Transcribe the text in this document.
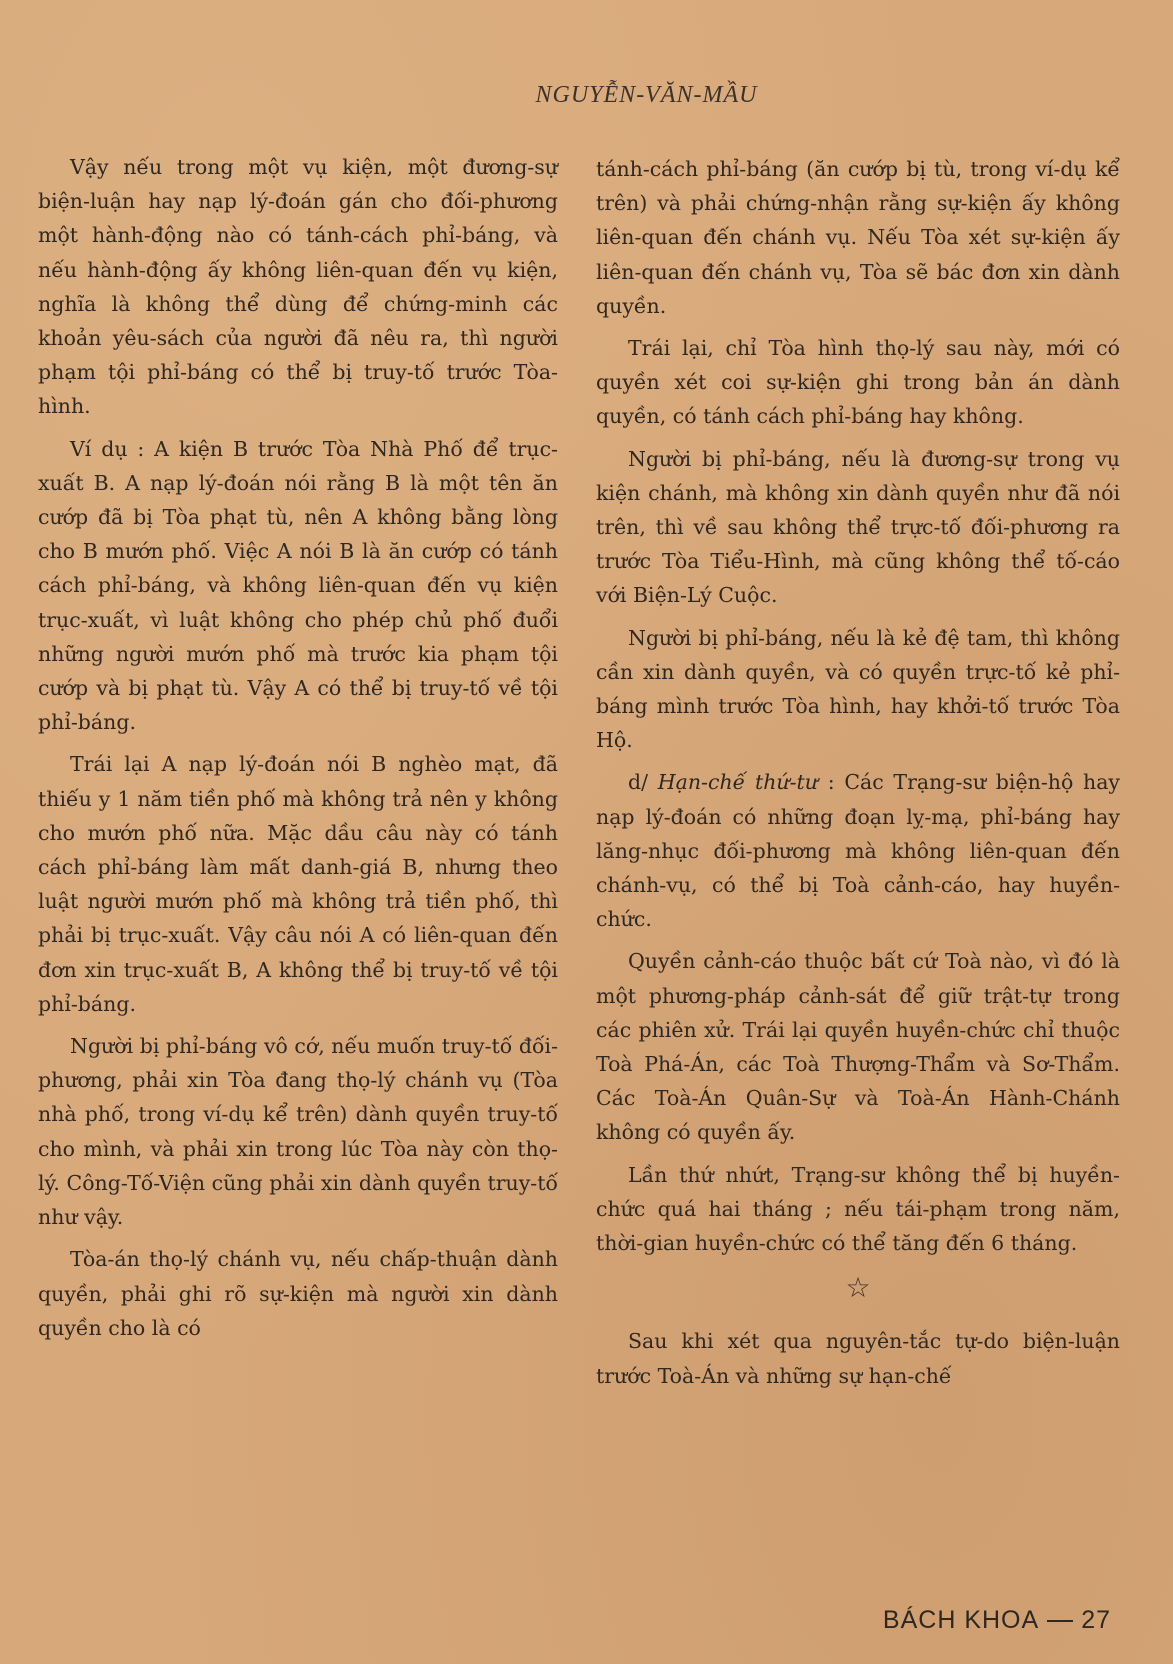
NGUYỄN-VĂN-MẦU

Vậy nếu trong một vụ kiện, một đương-sự biện-luận hay nạp lý-đoán gán cho đối-phương một hành-động nào có tánh-cách phỉ-báng, và nếu hành-động ấy không liên-quan đến vụ kiện, nghĩa là không thể dùng để chứng-minh các khoản yêu-sách của người đã nêu ra, thì người phạm tội phỉ-báng có thể bị truy-tố trước Tòa-hình.

Ví dụ : A kiện B trước Tòa Nhà Phố để trục-xuất B. A nạp lý-đoán nói rằng B là một tên ăn cướp đã bị Tòa phạt tù, nên A không bằng lòng cho B mướn phố. Việc A nói B là ăn cướp có tánh cách phỉ-báng, và không liên-quan đến vụ kiện trục-xuất, vì luật không cho phép chủ phố đuổi những người mướn phố mà trước kia phạm tội cướp và bị phạt tù. Vậy A có thể bị truy-tố về tội phỉ-báng.

Trái lại A nạp lý-đoán nói B nghèo mạt, đã thiếu y 1 năm tiền phố mà không trả nên y không cho mướn phố nữa. Mặc dầu câu này có tánh cách phỉ-báng làm mất danh-giá B, nhưng theo luật người mướn phố mà không trả tiền phố, thì phải bị trục-xuất. Vậy câu nói A có liên-quan đến đơn xin trục-xuất B, A không thể bị truy-tố về tội phỉ-báng.

Người bị phỉ-báng vô cớ, nếu muốn truy-tố đối-phương, phải xin Tòa đang thọ-lý chánh vụ (Tòa nhà phố, trong ví-dụ kể trên) dành quyền truy-tố cho mình, và phải xin trong lúc Tòa này còn thọ-lý. Công-Tố-Viện cũng phải xin dành quyền truy-tố như vậy.

Tòa-án thọ-lý chánh vụ, nếu chấp-thuận dành quyền, phải ghi rõ sự-kiện mà người xin dành quyền cho là có

tánh-cách phỉ-báng (ăn cướp bị tù, trong ví-dụ kể trên) và phải chứng-nhận rằng sự-kiện ấy không liên-quan đến chánh vụ. Nếu Tòa xét sự-kiện ấy liên-quan đến chánh vụ, Tòa sẽ bác đơn xin dành quyền.

Trái lại, chỉ Tòa hình thọ-lý sau này, mới có quyền xét coi sự-kiện ghi trong bản án dành quyền, có tánh cách phỉ-báng hay không.

Người bị phỉ-báng, nếu là đương-sự trong vụ kiện chánh, mà không xin dành quyền như đã nói trên, thì về sau không thể trực-tố đối-phương ra trước Tòa Tiểu-Hình, mà cũng không thể tố-cáo với Biện-Lý Cuộc.

Người bị phỉ-báng, nếu là kẻ đệ tam, thì không cần xin dành quyền, và có quyền trực-tố kẻ phỉ-báng mình trước Tòa hình, hay khởi-tố trước Tòa Hộ.

d/ Hạn-chế thứ-tư : Các Trạng-sư biện-hộ hay nạp lý-đoán có những đoạn lỵ-mạ, phỉ-báng hay lăng-nhục đối-phương mà không liên-quan đến chánh-vụ, có thể bị Toà cảnh-cáo, hay huyền-chức.

Quyền cảnh-cáo thuộc bất cứ Toà nào, vì đó là một phương-pháp cảnh-sát để giữ trật-tự trong các phiên xử. Trái lại quyền huyền-chức chỉ thuộc Toà Phá-Án, các Toà Thượng-Thẩm và Sơ-Thẩm. Các Toà-Án Quân-Sự và Toà-Án Hành-Chánh không có quyền ấy.

Lần thứ nhứt, Trạng-sư không thể bị huyền-chức quá hai tháng ; nếu tái-phạm trong năm, thời-gian huyền-chức có thể tăng đến 6 tháng.

☆

Sau khi xét qua nguyên-tắc tự-do biện-luận trước Toà-Án và những sự hạn-chế

BÁCH KHOA 27
